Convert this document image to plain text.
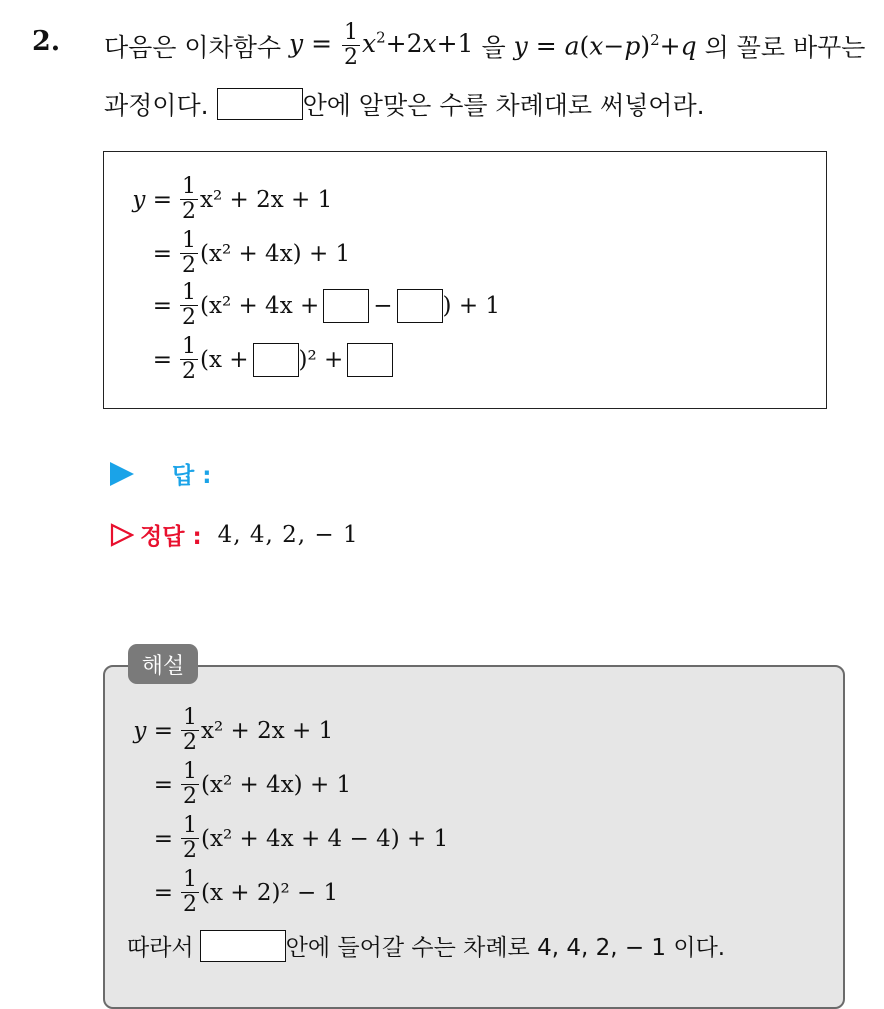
2. 다음은 이차함수 $y = \frac{1}{2} x^2+2x+1$ 을 $y = a(x-p)^2+q$ 의 꼴로 바꾸는
과정이다.	안에 알맞은 수를 차례대로 써넣어라.
$y = \frac{1}{2} x^2 + 2x + 1$
= $\frac{1}{2} (x^2 + 4x) + 1$
= $\frac{1}{2} (x^2 + 4x$ + − ) + 1
= $\frac{1}{2} (x + )^2$ +
답 :
정답 : 4, 4, 2, − 1
$y = \frac{1}{2} x^2 + 2x + 1$
= $\frac{1}{2} (x^2 + 4x) + 1$
= $\frac{1}{2} (x^2 + 4x + 4 - 4) + 1$
= $\frac{1}{2} (x + 2)^2 - 1$
따라서	안에 들어갈 수는 차례로 4, 4, 2, − 1 이다.
해설
